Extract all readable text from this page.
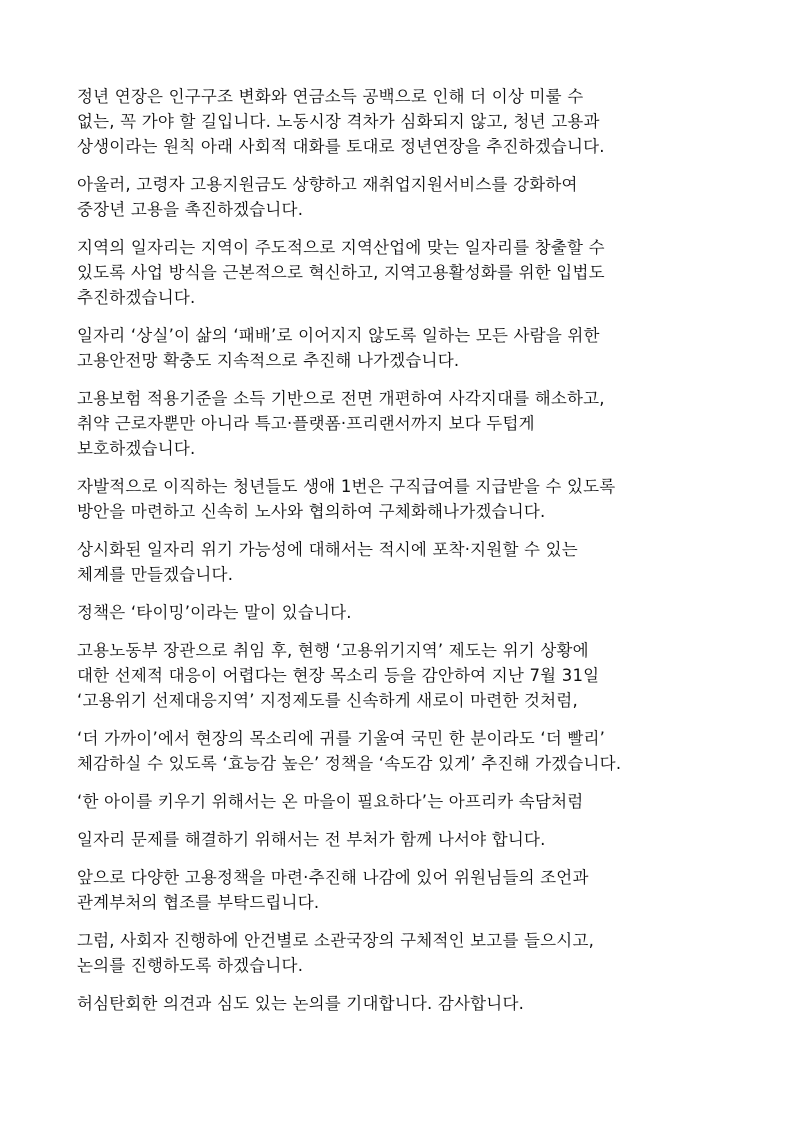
정년 연장은 인구구조 변화와 연금소득 공백으로 인해 더 이상 미룰 수
없는, 꼭 가야 할 길입니다. 노동시장 격차가 심화되지 않고, 청년 고용과
상생이라는 원칙 아래 사회적 대화를 토대로 정년연장을 추진하겠습니다.

아울러, 고령자 고용지원금도 상향하고 재취업지원서비스를 강화하여
중장년 고용을 촉진하겠습니다.

지역의 일자리는 지역이 주도적으로 지역산업에 맞는 일자리를 창출할 수
있도록 사업 방식을 근본적으로 혁신하고, 지역고용활성화를 위한 입법도
추진하겠습니다.

일자리 ‘상실’이 삶의 ‘패배’로 이어지지 않도록 일하는 모든 사람을 위한
고용안전망 확충도 지속적으로 추진해 나가겠습니다.

고용보험 적용기준을 소득 기반으로 전면 개편하여 사각지대를 해소하고,
취약 근로자뿐만 아니라 특고·플랫폼·프리랜서까지 보다 두텁게
보호하겠습니다.

자발적으로 이직하는 청년들도 생애 1번은 구직급여를 지급받을 수 있도록
방안을 마련하고 신속히 노사와 협의하여 구체화해나가겠습니다.

상시화된 일자리 위기 가능성에 대해서는 적시에 포착·지원할 수 있는
체계를 만들겠습니다.

정책은 ‘타이밍’이라는 말이 있습니다.

고용노동부 장관으로 취임 후, 현행 ‘고용위기지역’ 제도는 위기 상황에
대한 선제적 대응이 어렵다는 현장 목소리 등을 감안하여 지난 7월 31일
‘고용위기 선제대응지역’ 지정제도를 신속하게 새로이 마련한 것처럼,

‘더 가까이’에서 현장의 목소리에 귀를 기울여 국민 한 분이라도 ‘더 빨리’
체감하실 수 있도록 ‘효능감 높은’ 정책을 ‘속도감 있게’ 추진해 가겠습니다.

‘한 아이를 키우기 위해서는 온 마을이 필요하다’는 아프리카 속담처럼

일자리 문제를 해결하기 위해서는 전 부처가 함께 나서야 합니다.

앞으로 다양한 고용정책을 마련·추진해 나감에 있어 위원님들의 조언과
관계부처의 협조를 부탁드립니다.

그럼, 사회자 진행하에 안건별로 소관국장의 구체적인 보고를 들으시고,
논의를 진행하도록 하겠습니다.

허심탄회한 의견과 심도 있는 논의를 기대합니다. 감사합니다.
